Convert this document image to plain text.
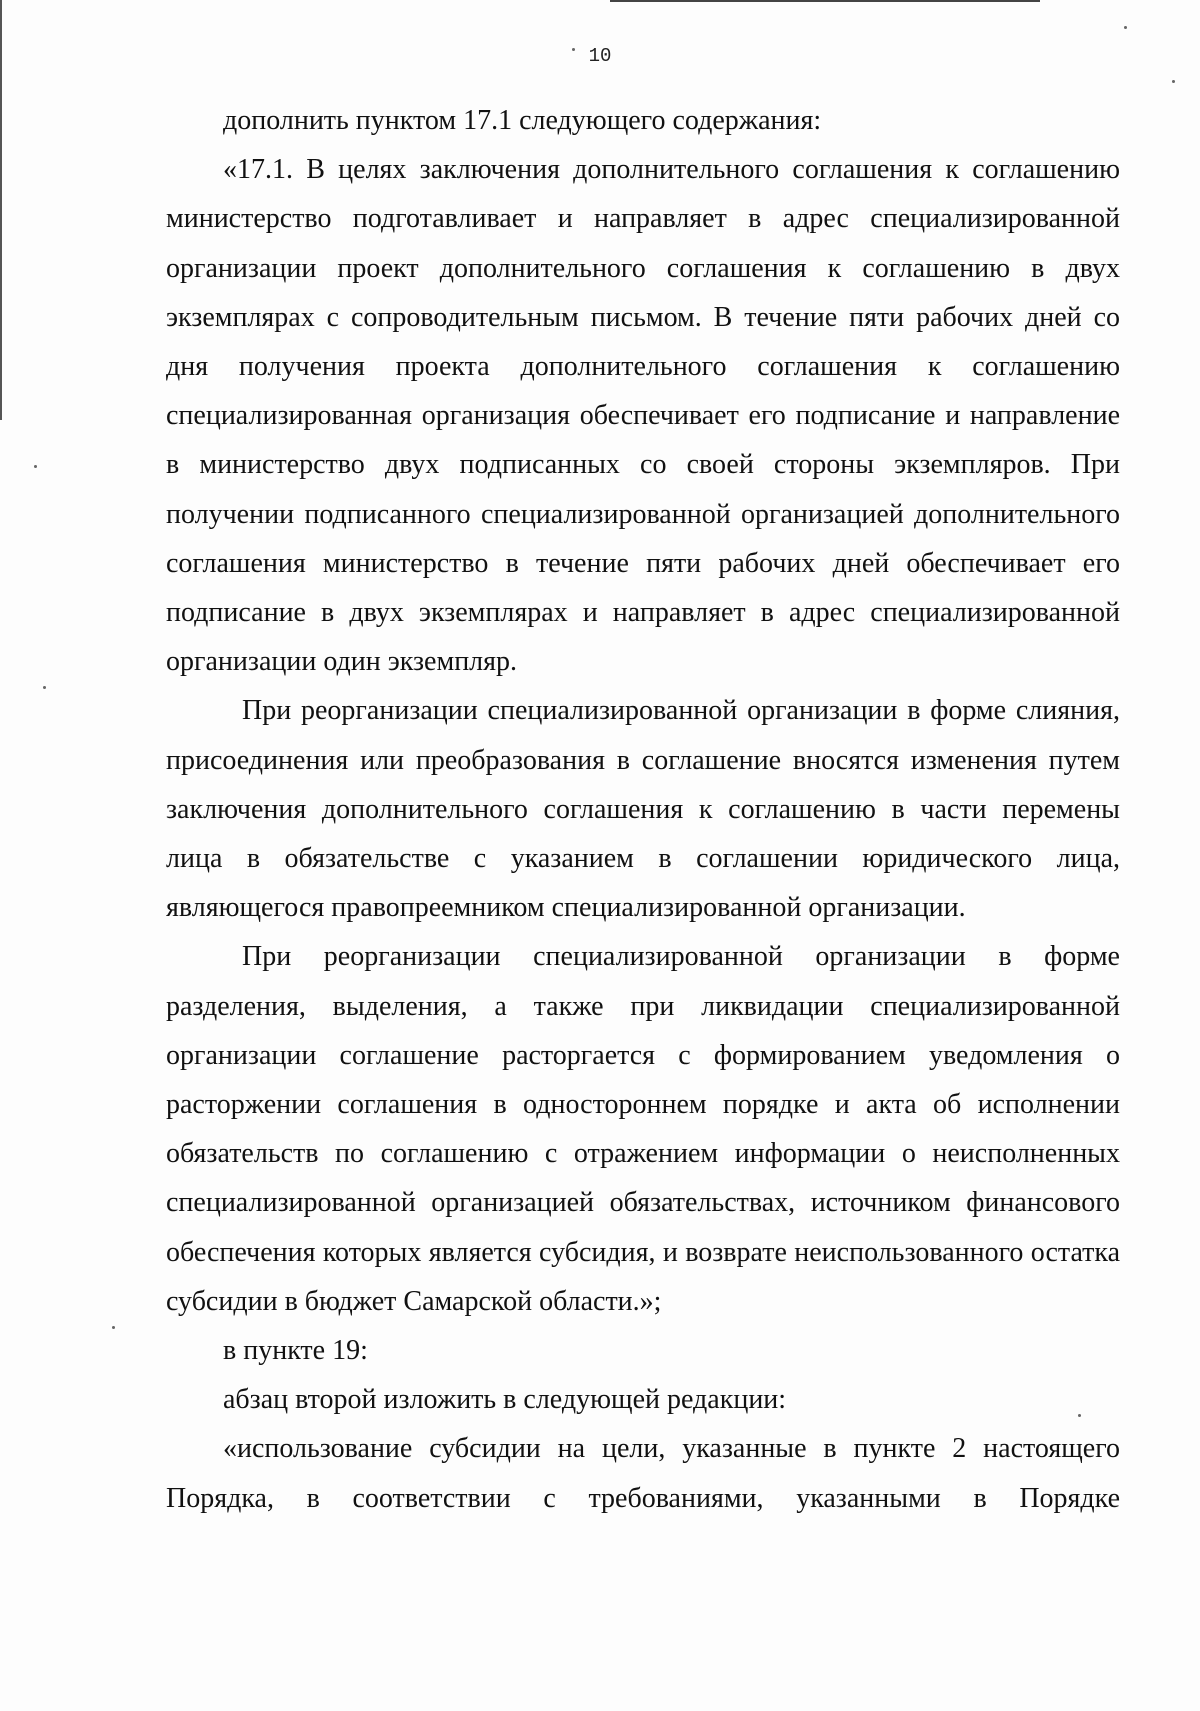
10

дополнить пунктом 17.1 следующего содержания:

«17.1. В целях заключения дополнительного соглашения к соглашению министерство подготавливает и направляет в адрес специализированной организации проект дополнительного соглашения к соглашению в двух экземплярах с сопроводительным письмом. В течение пяти рабочих дней со дня получения проекта дополнительного соглашения к соглашению специализированная организация обеспечивает его подписание и направление в министерство двух подписанных со своей стороны экземпляров. При получении подписанного специализированной организацией дополнительного соглашения министерство в течение пяти рабочих дней обеспечивает его подписание в двух экземплярах и направляет в адрес специализированной организации один экземпляр.

При реорганизации специализированной организации в форме слияния, присоединения или преобразования в соглашение вносятся изменения путем заключения дополнительного соглашения к соглашению в части перемены лица в обязательстве с указанием в соглашении юридического лица, являющегося правопреемником специализированной организации.

При реорганизации специализированной организации в форме разделения, выделения, а также при ликвидации специализированной организации соглашение расторгается с формированием уведомления о расторжении соглашения в одностороннем порядке и акта об исполнении обязательств по соглашению с отражением информации о неисполненных специализированной организацией обязательствах, источником финансового обеспечения которых является субсидия, и возврате неиспользованного остатка субсидии в бюджет Самарской области.»;

в пункте 19:

абзац второй изложить в следующей редакции:

«использование субсидии на цели, указанные в пункте 2 настоящего Порядка, в соответствии с требованиями, указанными в Порядке
